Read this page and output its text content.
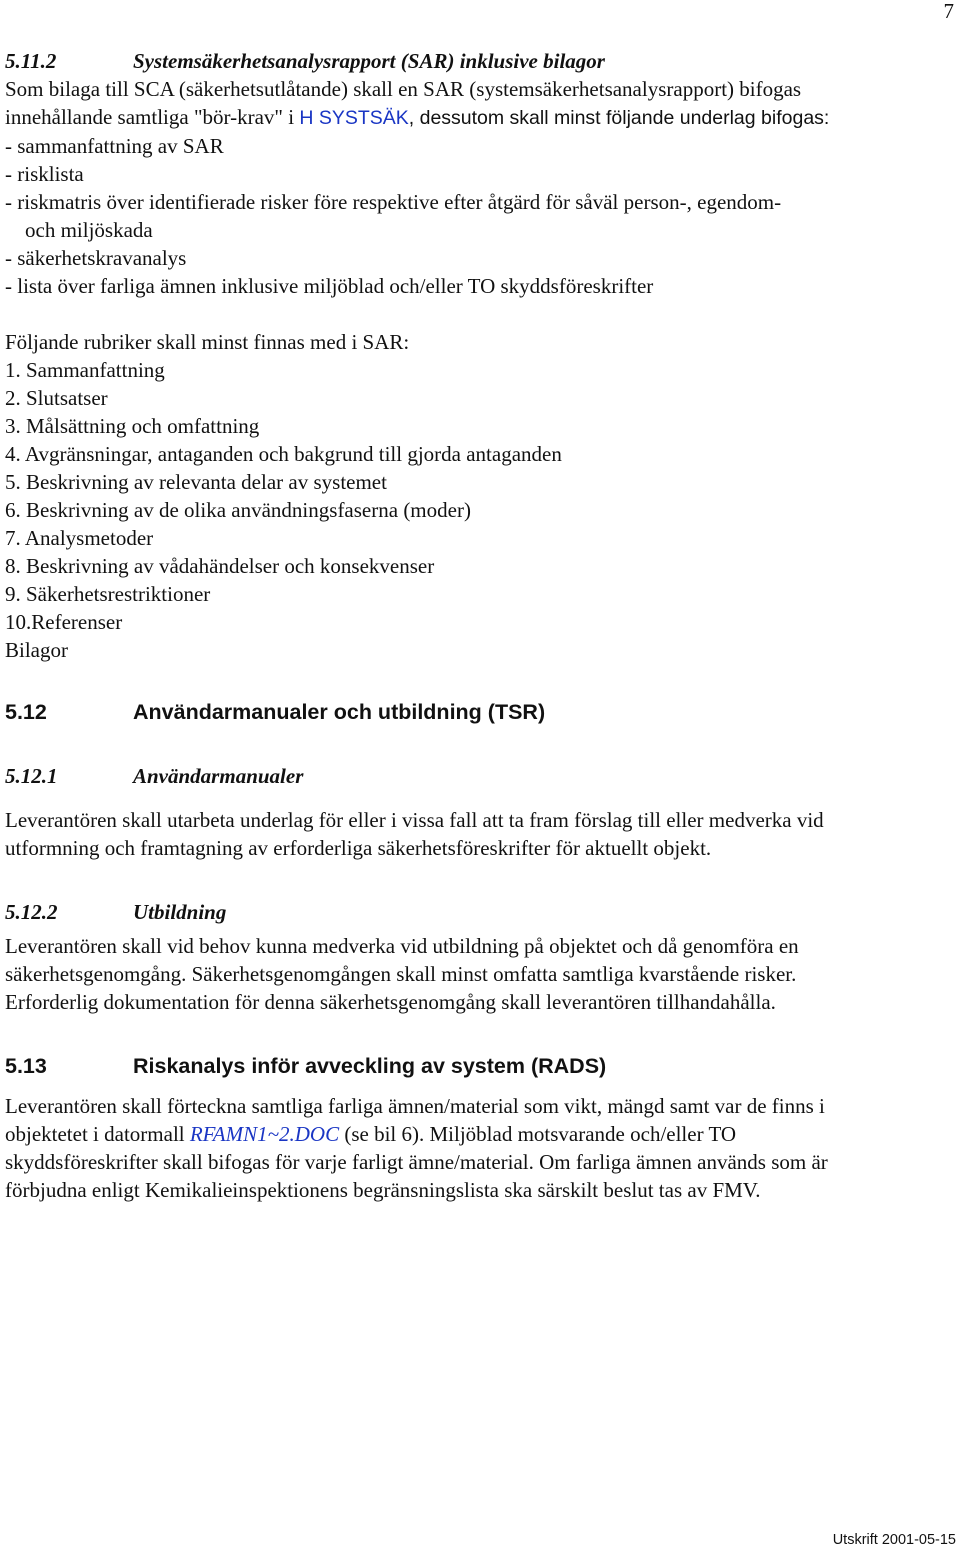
7
5.11.2	Systemsäkerhetsanalysrapport (SAR) inklusive bilagor
Som bilaga till SCA (säkerhetsutlåtande) skall en SAR (systemsäkerhetsanalysrapport) bifogas
innehållande samtliga "bör-krav" i H SYSTSÄK, dessutom skall minst följande underlag bifogas:
- sammanfattning av SAR
- risklista
- riskmatris över identifierade risker före respektive efter åtgärd för såväl person-, egendom-
och miljöskada
- säkerhetskravanalys
- lista över farliga ämnen inklusive miljöblad och/eller TO skyddsföreskrifter
Följande rubriker skall minst finnas med i SAR:
1. Sammanfattning
2. Slutsatser
3. Målsättning och omfattning
4. Avgränsningar, antaganden och bakgrund till gjorda antaganden
5. Beskrivning av relevanta delar av systemet
6. Beskrivning av de olika användningsfaserna (moder)
7. Analysmetoder
8. Beskrivning av vådahändelser och konsekvenser
9. Säkerhetsrestriktioner
10.Referenser
Bilagor
5.12	Användarmanualer och utbildning (TSR)
5.12.1	Användarmanualer
Leverantören skall utarbeta underlag för eller i vissa fall att ta fram förslag till eller medverka vid
utformning och framtagning av erforderliga säkerhetsföreskrifter för aktuellt objekt.
5.12.2	Utbildning
Leverantören skall vid behov kunna medverka vid utbildning på objektet och då genomföra en
säkerhetsgenomgång. Säkerhetsgenomgången skall minst omfatta samtliga kvarstående risker.
Erforderlig dokumentation för denna säkerhetsgenomgång skall leverantören tillhandahålla.
5.13	Riskanalys inför avveckling av system (RADS)
Leverantören skall förteckna samtliga farliga ämnen/material som vikt, mängd samt var de finns i
objektetet i datormall RFAMN1~2.DOC (se bil 6). Miljöblad motsvarande och/eller TO
skyddsföreskrifter skall bifogas för varje farligt ämne/material. Om farliga ämnen används som är
förbjudna enligt Kemikalieinspektionens begränsningslista ska särskilt beslut tas av FMV.
Utskrift 2001-05-15
